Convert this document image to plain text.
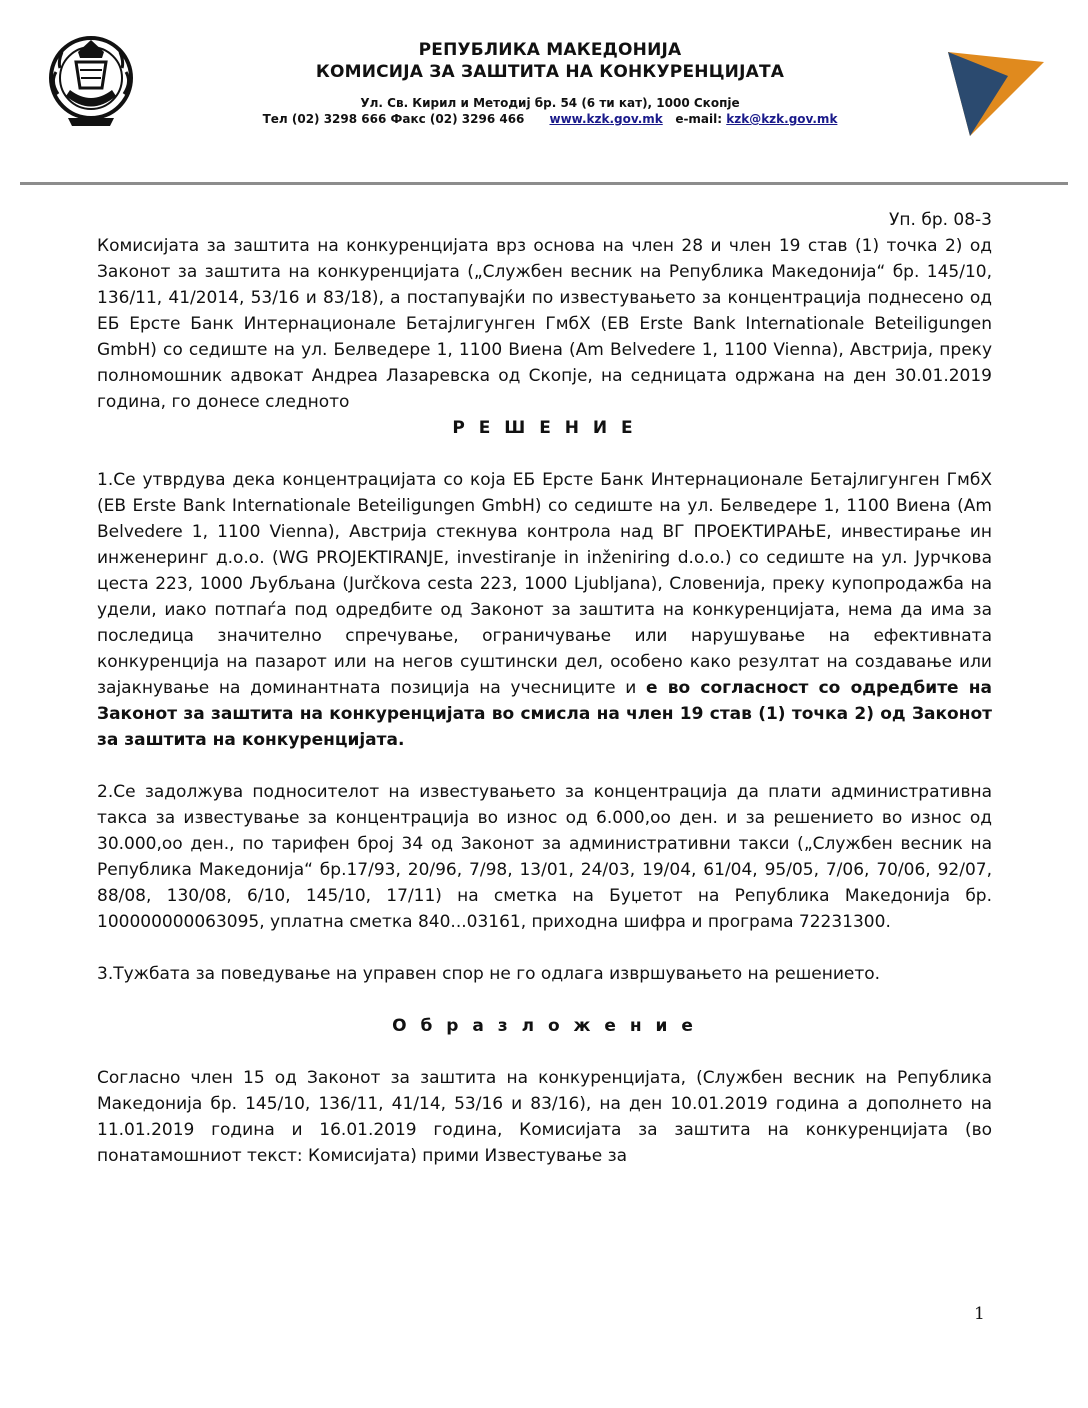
РЕПУБЛИКА МАКЕДОНИЈА
КОМИСИЈА ЗА ЗАШТИТА НА КОНКУРЕНЦИЈАТА
Ул. Св. Кирил и Методиј бр. 54 (6 ти кат), 1000 Скопје
Тел (02) 3298 666 Факс (02) 3296 466 www.kzk.gov.mk e-mail: kzk@kzk.gov.mk
Уп. бр. 08-3

Комисијата за заштита на конкуренцијата врз основа на член 28 и член 19 став (1) точка 2) од Законот за заштита на конкуренцијата („Службен весник на Република Македонија“ бр. 145/10, 136/11, 41/2014, 53/16 и 83/18), а постапувајќи по известувањето за концентрација поднесено од ЕБ Ерсте Банк Интернационале Бетајлигунген ГмбХ (EB Erste Bank Internationale Beteiligungen GmbH) со седиште на ул. Белведере 1, 1100 Виена (Am Belvedere 1, 1100 Vienna), Австрија, преку полномошник адвокат Андреа Лазаревска од Скопје, на седницата одржана на ден 30.01.2019 година, го донесе следното

Р Е Ш Е Н И Е

1.Се утврдува дека концентрацијата со која ЕБ Ерсте Банк Интернационале Бетајлигунген ГмбХ (EB Erste Bank Internationale Beteiligungen GmbH) со седиште на ул. Белведере 1, 1100 Виена (Am Belvedere 1, 1100 Vienna), Австрија стекнува контрола над ВГ ПРОЕКТИРАЊЕ, инвестирање ин инженеринг д.о.о. (WG PROJEKTIRANJE, investiranje in inženiring d.o.o.) со седиште на ул. Јурчкова цеста 223, 1000 Љубљана (Jurčkova cesta 223, 1000 Ljubljana), Словенија, преку купопродажба на удели, иако потпаѓа под одредбите од Законот за заштита на конкуренцијата, нема да има за последица значително спречување, ограничување или нарушување на ефективната конкуренција на пазарот или на негов суштински дел, особено како резултат на создавање или зајакнување на доминантната позиција на учесниците и е во согласност со одредбите на Законот за заштита на конкуренцијата во смисла на член 19 став (1) точка 2) од Законот за заштита на конкуренцијата.

2.Се задолжува подносителот на известувањето за концентрација да плати административна такса за известување за концентрација во износ од 6.000,оо ден. и за решението во износ од 30.000,оо ден., по тарифен број 34 од Законот за административни такси („Службен весник на Република Македонија“ бр.17/93, 20/96, 7/98, 13/01, 24/03, 19/04, 61/04, 95/05, 7/06, 70/06, 92/07, 88/08, 130/08, 6/10, 145/10, 17/11) на сметка на Буџетот на Република Македонија бр. 100000000063095, уплатна сметка 840...03161, приходна шифра и програма 72231300.

3.Тужбата за поведување на управен спор не го одлага извршувањето на решението.

О б р а з л о ж е н и е

Согласно член 15 од Законот за заштита на конкуренцијата, (Службен весник на Република Македонија бр. 145/10, 136/11, 41/14, 53/16 и 83/16), на ден 10.01.2019 година а дополнето на 11.01.2019 година и 16.01.2019 година, Комисијата за заштита на конкуренцијата (во понатамошниот текст: Комисијата) прими Известување за

1
